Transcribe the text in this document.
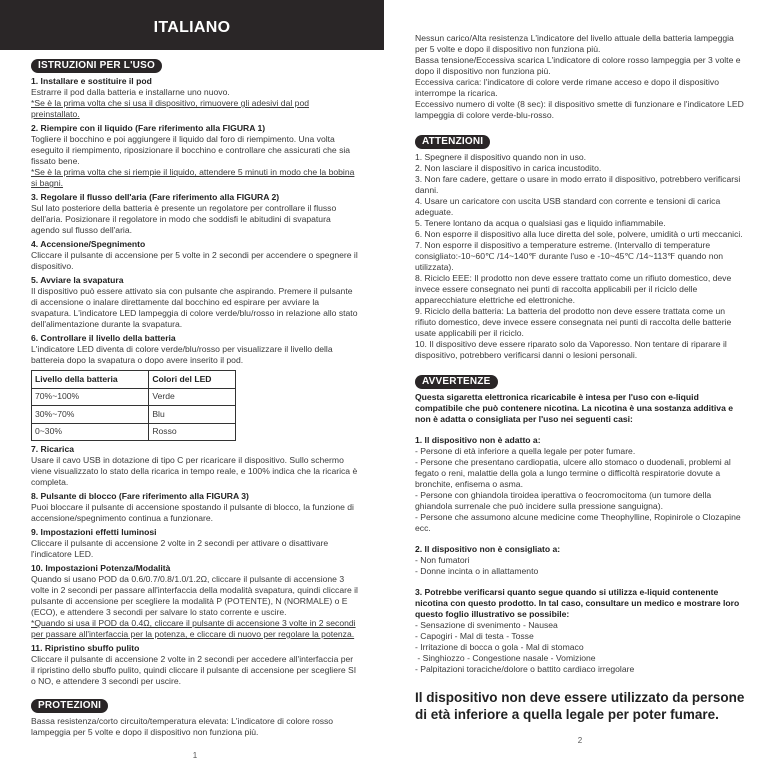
ITALIANO
ISTRUZIONI PER L'USO
1. Installare e sostituire il pod

Estrarre il pod dalla batteria e installarne uno nuovo.

*Se è la prima volta che si usa il dispositivo, rimuovere gli adesivi dal pod preinstallato.

2. Riempire con il liquido (Fare riferimento alla FIGURA 1)

Togliere il bocchino e poi aggiungere il liquido dal foro di riempimento. Una volta eseguito il riempimento, riposizionare il bocchino e controllare che assicurati che sia fissato bene.

*Se è la prima volta che si riempie il liquido, attendere 5 minuti in modo che la bobina si bagni.

3. Regolare il flusso dell'aria (Fare riferimento alla FIGURA 2)

Sul lato posteriore della batteria è presente un regolatore per controllare il flusso dell'aria. Posizionare il regolatore in modo che soddisfi le abitudini di svapatura agendo sul flusso dell'aria.

4. Accensione/Spegnimento

Cliccare il pulsante di accensione per 5 volte in 2 secondi per accendere o spegnere il dispositivo.

5. Avviare la svapatura

Il dispositivo può essere attivato sia con pulsante che aspirando. Premere il pulsante di accensione o inalare direttamente dal bocchino ed espirare per avviare la svapatura. L'indicatore LED lampeggia di colore verde/blu/rosso in relazione allo stato dell'alimentazione durante la svapatura.

6. Controllare il livello della batteria

L'indicatore LED diventa di colore verde/blu/rosso per visualizzare il livello della battereia dopo la svapatura o dopo avere inserito il pod.

Livello della batteria	Colori del LED
70%~100%	Verde
30%~70%	Blu
0~30%	Rosso
7. Ricarica

Usare il cavo USB in dotazione di tipo C per ricaricare il dispositivo. Sullo schermo viene visualizzato lo stato della ricarica in tempo reale, e 100% indica che la ricarica è completa.

8. Pulsante di blocco (Fare riferimento alla FIGURA 3)

Puoi bloccare il pulsante di accensione spostando il pulsante di blocco, la funzione di accensione/spegnimento continua a funzionare.

9. Impostazioni effetti luminosi

Cliccare il pulsante di accensione 2 volte in 2 secondi per attivare o disattivare l'indicatore LED.

10. Impostazioni Potenza/Modalità

Quando si usano POD da 0.6/0.7/0.8/1.0/1.2Ω, cliccare il pulsante di accensione 3 volte in 2 secondi per passare all'interfaccia della modalità svapatura, quindi cliccare il pulsante di accensione per scegliere la modalità P (POTENTE), N (NORMALE) o E (ECO), e attendere 3 secondi per salvare lo stato corrente e uscire.

*Quando si usa il POD da 0.4Ω, cliccare il pulsante di accensione 3 volte in 2 secondi per passare all'interfaccia per la potenza, e cliccare di nuovo per regolare la potenza.

11. Ripristino sbuffo pulito

Cliccare il pulsante di accensione 2 volte in 2 secondi per accedere all'interfaccia per il ripristino dello sbuffo pulito, quindi cliccare il pulsante di accensione per scegliere SI o NO, e attendere 3 secondi per uscire.

PROTEZIONI

Bassa resistenza/corto circuito/temperatura elevata: L'indicatore di colore rosso lampeggia per 5 volte e dopo il dispositivo non funziona più.

1

Nessun carico/Alta resistenza L'indicatore del livello attuale della batteria lampeggia per 5 volte e dopo il dispositivo non funziona più.

Bassa tensione/Eccessiva scarica L'indicatore di colore rosso lampeggia per 3 volte e dopo il dispositivo non funziona più.

Eccessiva carica: l'indicatore di colore verde rimane acceso e dopo il dispositivo interrompe la ricarica.

Eccessivo numero di volte (8 sec): il dispositivo smette di funzionare e l'indicatore LED lampeggia di colore verde-blu-rosso.

ATTENZIONI

1. Spegnere il dispositivo quando non in uso.

2. Non lasciare il dispositivo in carica incustodito.

3. Non fare cadere, gettare o usare in modo errato il dispositivo, potrebbero verificarsi danni.

4. Usare un caricatore con uscita USB standard con corrente e tensioni di carica adeguate.

5. Tenere lontano da acqua o qualsiasi gas e liquido infiammabile.

6. Non esporre il dispositivo alla luce diretta del sole, polvere, umidità o urti meccanici.

7. Non esporre il dispositivo a temperature estreme. (Intervallo di temperature consigliato:-10~60℃ /14~140℉ durante l'uso e -10~45℃ /14~113℉ quando non utilizzata).

8. Riciclo EEE: Il prodotto non deve essere trattato come un rifiuto domestico, deve invece essere consegnato nei punti di raccolta applicabili per il riciclo delle apparecchiature elettriche ed elettroniche.

9. Riciclo della batteria: La batteria del prodotto non deve essere trattata come un rifiuto domestico, deve invece essere consegnata nei punti di raccolta delle batterie usate applicabili per il riciclo.

10. Il dispositivo deve essere riparato solo da Vaporesso. Non tentare di riparare il dispositivo, potrebbero verificarsi danni o lesioni personali.

AVVERTENZE

Questa sigaretta elettronica ricaricabile è intesa per l'uso con e-liquid compatibile che può contenere nicotina. La nicotina è una sostanza additiva e non è adatta o consigliata per l'uso nei seguenti casi:

1. Il dispositivo non è adatto a:

- Persone di età inferiore a quella legale per poter fumare.

- Persone che presentano cardiopatia, ulcere allo stomaco o duodenali, problemi al fegato o reni, malattie della gola a lungo termine o difficoltà respiratorie dovute a bronchite, enfisema o asma.

- Persone con ghiandola tiroidea iperattiva o feocromocitoma (un tumore della ghiandola surrenale che può incidere sulla pressione sanguigna).

- Persone che assumono alcune medicine come Theophylline, Ropinirole o Clozapine ecc.

2. Il dispositivo non è consigliato a:

- Non fumatori

- Donne incinta o in allattamento

3. Potrebbe verificarsi quanto segue quando si utilizza e-liquid contenente nicotina con questo prodotto. In tal caso, consultare un medico e mostrare loro questo foglio illustrativo se possibile:

- Sensazione di svenimento - Nausea

- Capogiri - Mal di testa - Tosse

- Irritazione di bocca o gola - Mal di stomaco

- Singhiozzo - Congestione nasale - Vomizione

- Palpitazioni toraciche/dolore o battito cardiaco irregolare

Il dispositivo non deve essere utilizzato da persone di età inferiore a quella legale per poter fumare.

2
